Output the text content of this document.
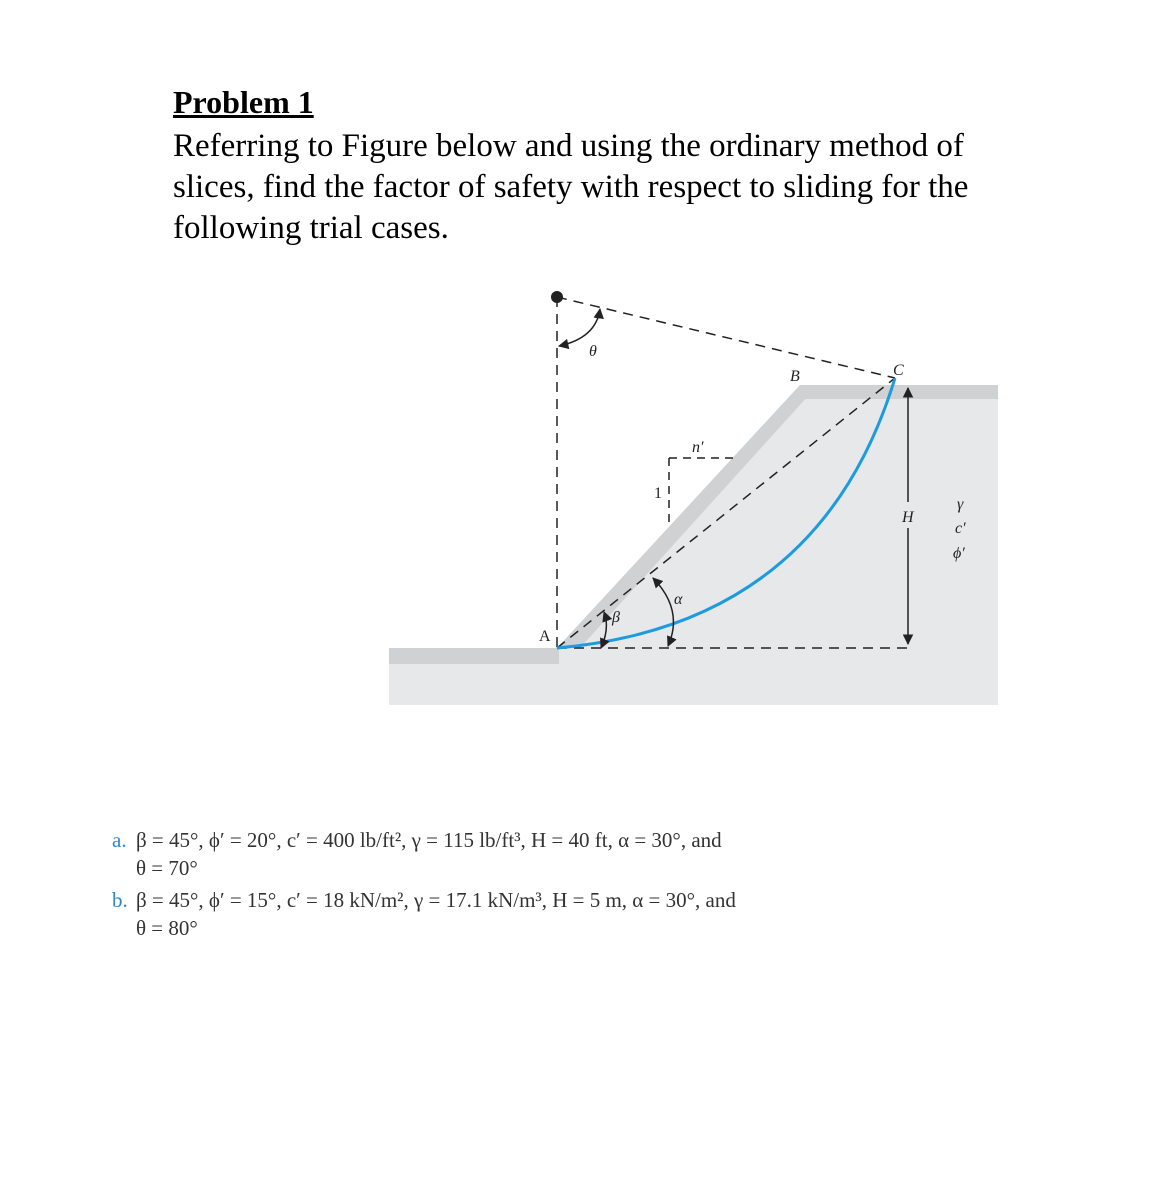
Problem 1

Referring to Figure below and using the ordinary method of slices, find the factor of safety with respect to sliding for the following trial cases.

θ
B	C
A
n′
1
H
α
β
γ
c′
ϕ′
a. β = 45°, ϕ′ = 20°, c′ = 400 lb/ft², γ = 115 lb/ft³, H = 40 ft, α = 30°, and

θ = 70°

b. β = 45°, ϕ′ = 15°, c′ = 18 kN/m², γ = 17.1 kN/m³, H = 5 m, α = 30°, and

θ = 80°
